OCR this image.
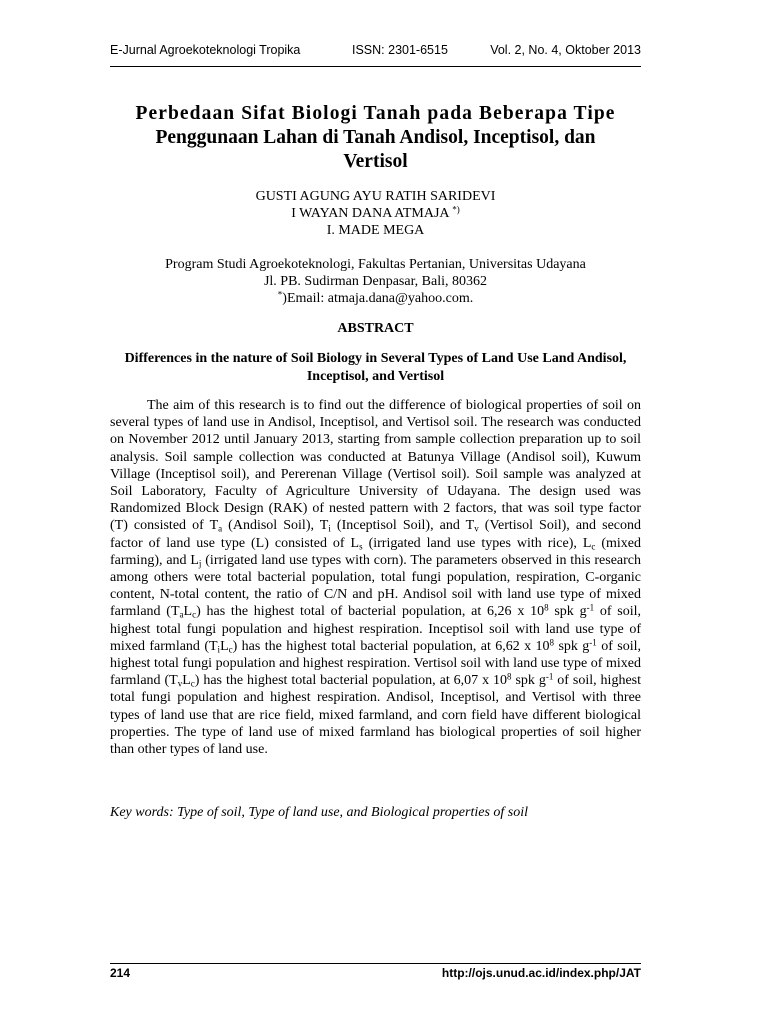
E-Jurnal Agroekoteknologi Tropika	ISSN: 2301-6515	Vol. 2, No. 4, Oktober 2013
Perbedaan Sifat Biologi Tanah pada Beberapa Tipe
Penggunaan Lahan di Tanah Andisol, Inceptisol, dan
Vertisol
GUSTI AGUNG AYU RATIH SARIDEVI
I WAYAN DANA ATMAJA *)
I. MADE MEGA
Program Studi Agroekoteknologi, Fakultas Pertanian, Universitas Udayana
Jl. PB. Sudirman Denpasar, Bali, 80362
*)Email: atmaja.dana@yahoo.com.
ABSTRACT
Differences in the nature of Soil Biology in Several Types of Land Use Land Andisol, Inceptisol, and Vertisol

The aim of this research is to find out the difference of biological properties of soil on several types of land use in Andisol, Inceptisol, and Vertisol soil. The research was conducted on November 2012 until January 2013, starting from sample collection preparation up to soil analysis. Soil sample collection was conducted at Batunya Village (Andisol soil), Kuwum Village (Inceptisol soil), and Pererenan Village (Vertisol soil). Soil sample was analyzed at Soil Laboratory, Faculty of Agriculture University of Udayana. The design used was Randomized Block Design (RAK) of nested pattern with 2 factors, that was soil type factor (T) consisted of $T_a$ (Andisol Soil), $T_i$ (Inceptisol Soil), and $T_v$ (Vertisol Soil), and second factor of land use type (L) consisted of $L_s$ (irrigated land use types with rice), $L_c$ (mixed farming), and $L_j$ (irrigated land use types with corn). The parameters observed in this research among others were total bacterial population, total fungi population, respiration, C-organic content, N-total content, the ratio of C/N and pH. Andisol soil with land use type of mixed farmland $(T_aL_c)$ has the highest total of bacterial population, at 6,26 x $10^8$ spk $g^{-1}$ of soil, highest total fungi population and highest respiration. Inceptisol soil with land use type of mixed farmland $(T_iL_c)$ has the highest total bacterial population, at 6,62 x $10^8$ spk $g^{-1}$ of soil, highest total fungi population and highest respiration. Vertisol soil with land use type of mixed farmland $(T_vL_c)$ has the highest total bacterial population, at 6,07 x $10^8$ spk $g^{-1}$ of soil, highest total fungi population and highest respiration. Andisol, Inceptisol, and Vertisol with three types of land use that are rice field, mixed farmland, and corn field have different biological properties. The type of land use of mixed farmland has biological properties of soil higher than other types of land use.

Key words: Type of soil, Type of land use, and Biological properties of soil
214	http://ojs.unud.ac.id/index.php/JAT
